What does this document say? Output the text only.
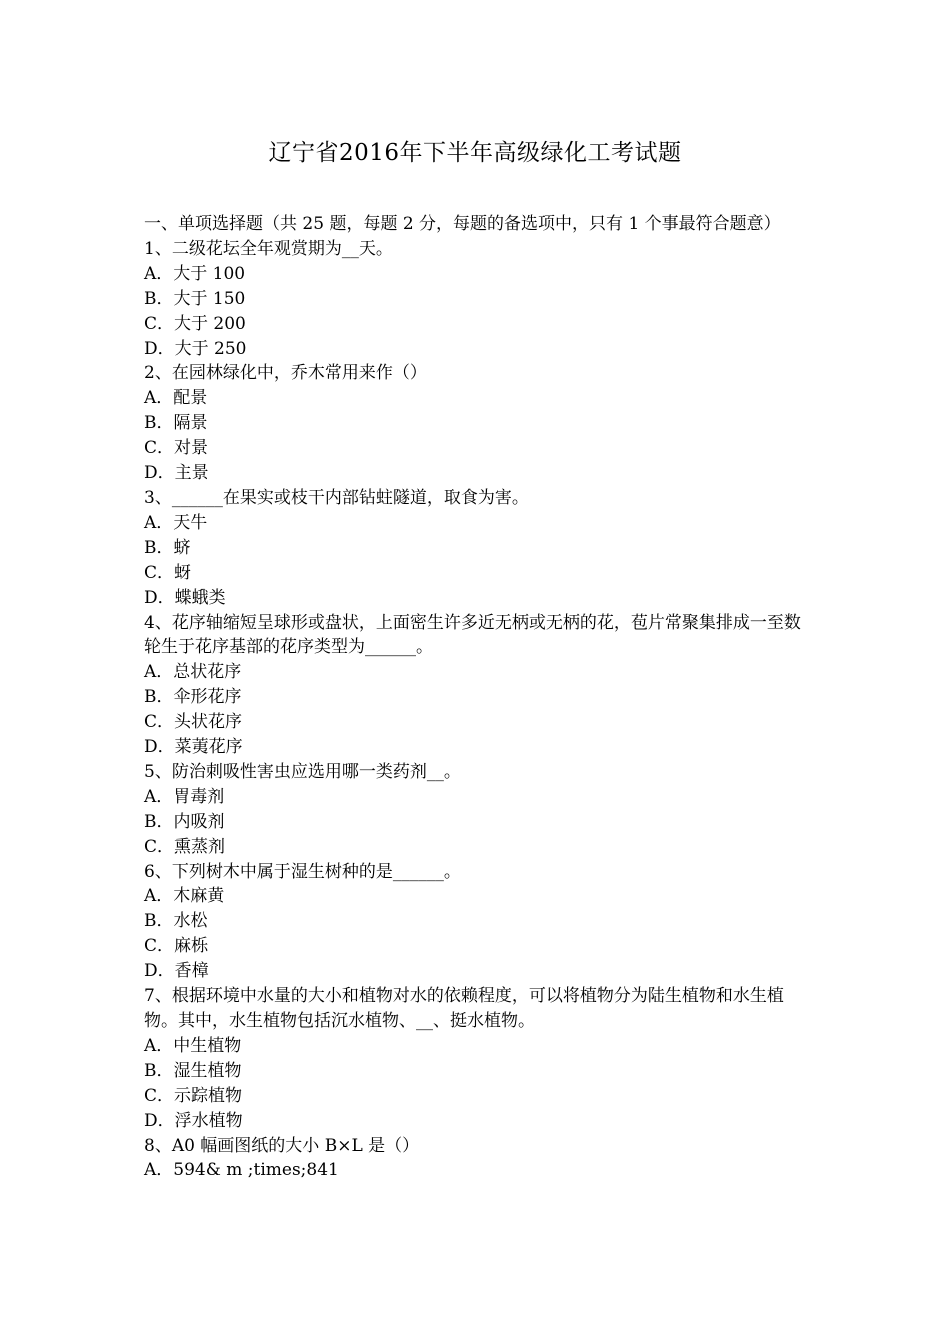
辽宁省2016年下半年高级绿化工考试题

一、单项选择题（共 25 题，每题 2 分，每题的备选项中，只有 1 个事最符合题意）

1、二级花坛全年观赏期为__天。

A．大于 100

B．大于 150

C．大于 200

D．大于 250

2、在园林绿化中，乔木常用来作（）

A．配景

B．隔景

C．对景

D．主景

3、______在果实或枝干内部钻蛀隧道，取食为害。

A．天牛

B．蛴

C．蚜

D．蝶蛾类

4、花序轴缩短呈球形或盘状，上面密生许多近无柄或无柄的花，苞片常聚集排成一至数轮生于花序基部的花序类型为______。

A．总状花序

B．伞形花序

C．头状花序

D．菜荑花序

5、防治刺吸性害虫应选用哪一类药剂__。

A．胃毒剂

B．内吸剂

C．熏蒸剂

6、下列树木中属于湿生树种的是______。

A．木麻黄

B．水松

C．麻栎

D．香樟

7、根据环境中水量的大小和植物对水的依赖程度，可以将植物分为陆生植物和水生植物。其中，水生植物包括沉水植物、__、挺水植物。

A．中生植物

B．湿生植物

C．示踪植物

D．浮水植物

8、A0 幅画图纸的大小 B×L 是（）

A．594& m ;times;841
